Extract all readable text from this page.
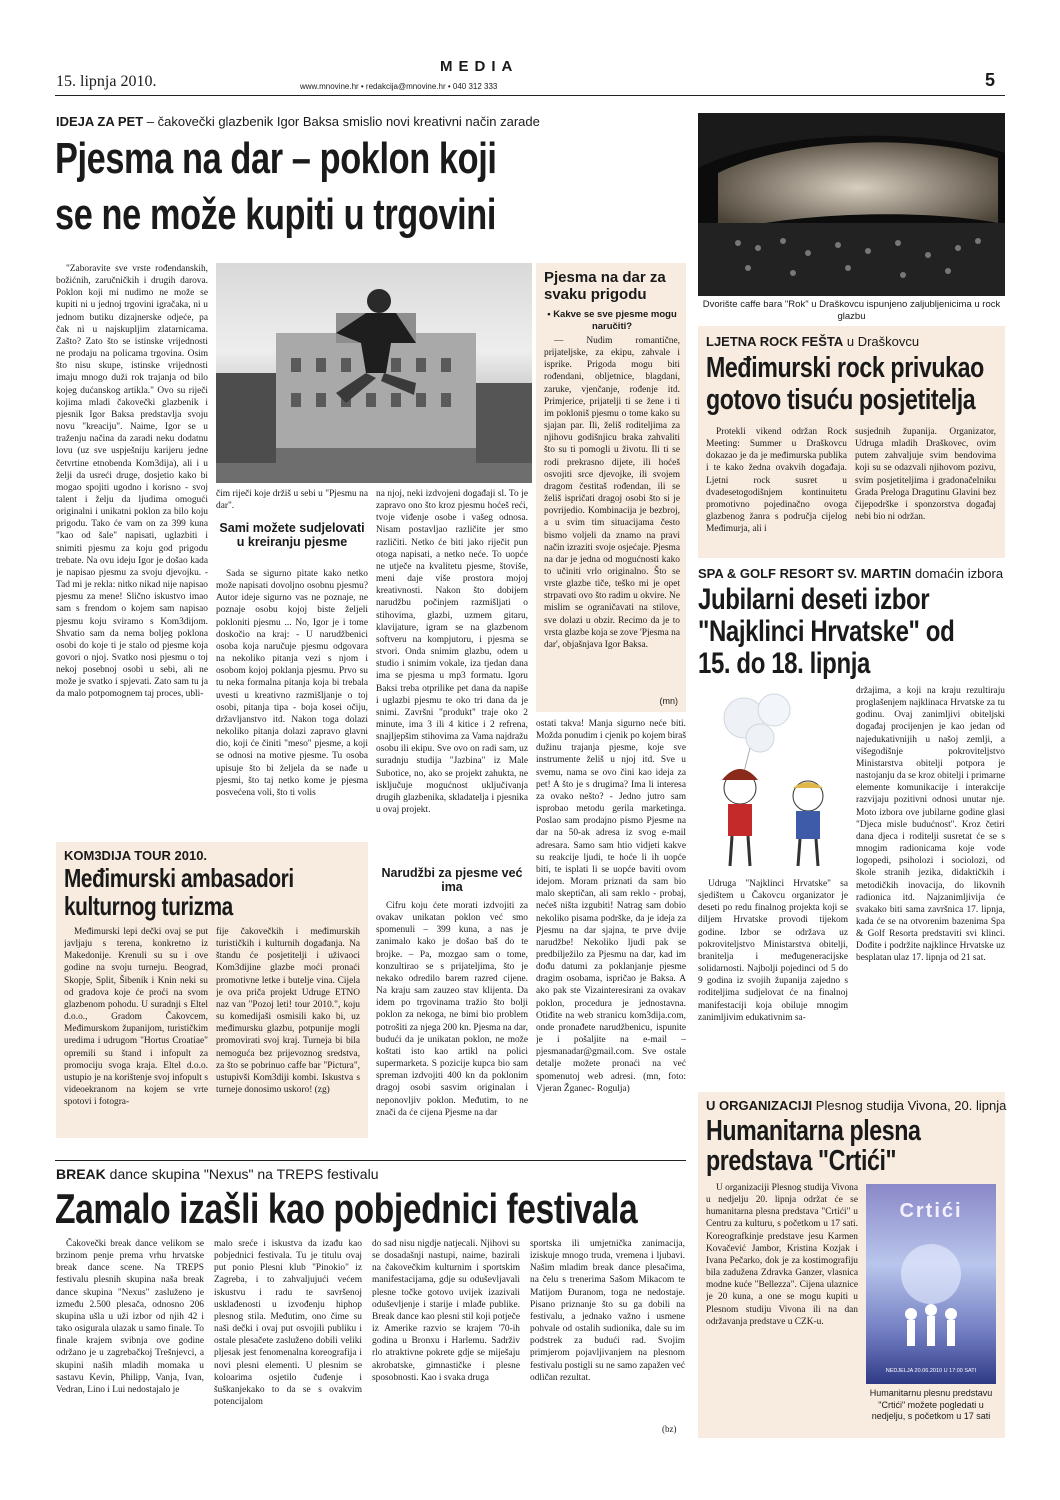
15. lipnja 2010.
MEDIA
www.mnovine.hr • redakcija@mnovine.hr • 040 312 333	5
IDEJA ZA PET – čakovečki glazbenik Igor Baksa smislio novi kreativni način zarade
Pjesma na dar – poklon koji
se ne može kupiti u trgovini

"Zaboravite sve vrste rođendanskih, božićnih, zaručničkih i drugih darova. Poklon koji mi nudimo ne može se kupiti ni u jednoj trgovini igračaka, ni u jednom butiku dizajnerske odjeće, pa čak ni u najskupljim zlatarnicama. Zašto? Zato što se istinske vrijednosti ne prodaju na policama trgovina. Osim što nisu skupe, istinske vrijednosti imaju mnogo duži rok trajanja od bilo kojeg dućanskog artikla." Ovo su riječi kojima mladi čakovečki glazbenik i pjesnik Igor Baksa predstavlja svoju novu "kreaciju". Naime, Igor se u traženju načina da zaradi neku dodatnu lovu (uz sve uspješniju karijeru jedne četvrtine etnobenda Kom3dija), ali i u želji da usreći druge, dosjetio kako bi mogao spojiti ugodno i korisno - svoj talent i želju da ljudima omogući originalni i unikatni poklon za bilo koju prigodu. Tako će vam on za 399 kuna "kao od šale" napisati, uglazbiti i snimiti pjesmu za koju god prigodu trebate. Na ovu ideju Igor je došao kada je napisao pjesmu za svoju djevojku. - Tad mi je rekla: nitko nikad nije napisao pjesmu za mene! Slično iskustvo imao sam s frendom o kojem sam napisao pjesmu koju sviramo s Kom3dijom. Shvatio sam da nema boljeg poklona osobi do koje ti je stalo od pjesme koja govori o njoj. Svatko nosi pjesmu o toj nekoj posebnoj osobi u sebi, ali ne može je svatko i spjevati. Zato sam tu ja da malo potpomognem taj proces, ubli-

čim riječi koje držiš u sebi u "Pjesmu na dar".

Sami možete sudjelovati u kreiranju pjesme

Sada se sigurno pitate kako netko može napisati dovoljno osobnu pjesmu? Autor ideje sigurno vas ne poznaje, ne poznaje osobu kojoj biste željeli pokloniti pjesmu ... No, Igor je i tome doskočio na kraj: - U narudžbenici osoba koja naručuje pjesmu odgovara na nekoliko pitanja vezi s njom i osobom kojoj poklanja pjesmu. Prvo su tu neka formalna pitanja koja bi trebala uvesti u kreativno razmišljanje o toj osobi, pitanja tipa - boja kosei očiju, državljanstvo itd. Nakon toga dolazi nekoliko pitanja dolazi zapravo glavni dio, koji će činiti "meso" pjesme, a koji se odnosi na motive pjesme. Tu osoba upisuje što bi željela da se nađe u pjesmi, što taj netko kome je pjesma posvećena voli, što ti volis

na njoj, neki izdvojeni događaji sl. To je zapravo ono što kroz pjesmu hoćeš reći, tvoje viđenje osobe i vašeg odnosa. Nisam postavljao različite jer smo različiti. Netko će biti jako riječit pun otoga napisati, a netko neće. To uopće ne utječe na kvalitetu pjesme, štoviše, meni daje više prostora mojoj kreativnosti. Nakon što dobijem narudžbu počinjem razmišljati o stihovima, glazbi, uzmem gitaru, klavijature, igram se na glazbenom softveru na kompjutoru, i pjesma se stvori. Onda snimim glazbu, odem u studio i snimim vokale, iza tjedan dana ima se pjesma u mp3 formatu. Igoru Baksi treba otprilike pet dana da napiše i uglazbi pjesmu te oko tri dana da je snimi. Završni "produkt" traje oko 2 minute, ima 3 ili 4 kitice i 2 refrena, snajljepšim stihovima za Vama najdražu osobu ili ekipu. Sve ovo on radi sam, uz suradnju studija "Jazbina" iz Male Subotice, no, ako se projekt zahukta, ne isključuje mogućnost uključivanja drugih glazbenika, skladatelja i pjesnika u ovaj projekt.

Narudžbi za pjesme već ima

Cifru koju ćete morati izdvojiti za ovakav unikatan poklon već smo spomenuli – 399 kuna, a nas je zanimalo kako je došao baš do te brojke. – Pa, mozgao sam o tome, konzultirao se s prijateljima, što je nekako odredilo barem razred cijene. Na kraju sam zauzeo stav klijenta. Da idem po trgovinama tražio što bolji poklon za nekoga, ne bimi bio problem potrošiti za njega 200 kn. Pjesma na dar, budući da je unikatan poklon, ne može koštati isto kao artikl na polici supermarketa. S pozicije kupca bio sam spreman izdvojiti 400 kn da poklonim dragoj osobi sasvim originalan i neponovljiv poklon. Međutim, to ne znači da će cijena Pjesme na dar

Pjesma na dar za svaku prigodu
• Kakve se sve pjesme mogu naručiti?

— Nudim romantične, prijateljske, za ekipu, zahvale i isprike. Prigoda mogu biti rođendani, obljetnice, blagdani, zaruke, vjenčanje, rođenje itd. Primjerice, prijatelji ti se žene i ti im pokloniš pjesmu o tome kako su sjajan par. Ili, želiš roditeljima za njihovu godišnjicu braka zahvaliti što su ti pomogli u životu. Ili ti se rodi prekrasno dijete, ili hoćeš osvojiti srce djevojke, ili svojem dragom čestitaš rođendan, ili se želiš ispričati dragoj osobi što si je povrijedio. Kombinacija je bezbroj, a u svim tim situacijama često bismo voljeli da znamo na pravi način izraziti svoje osjećaje. Pjesma na dar je jedna od mogućnosti kako to učiniti vrlo originalno. Što se vrste glazbe tiče, teško mi je opet strpavati ovo što radim u okvire. Ne mislim se ograničavati na stilove, sve dolazi u obzir. Recimo da je to vrsta glazbe koja se zove 'Pjesma na dar', objašnjava Igor Baksa.

(mn)

ostati takva! Manja sigurno neće biti. Možda ponudim i cjenik po kojem biraš dužinu trajanja pjesme, koje sve instrumente želiš u njoj itd. Sve u svemu, nama se ovo čini kao ideja za pet! A što je s drugima? Ima li interesa za ovako nešto? - Jedno jutro sam isprobao metodu gerila marketinga. Poslao sam prodajno pismo Pjesme na dar na 50-ak adresa iz svog e-mail adresara. Samo sam htio vidjeti kakve su reakcije ljudi, te hoće li ih uopće biti, te isplati li se uopće baviti ovom idejom. Moram priznati da sam bio malo skeptičan, ali sam reklo - probaj, nećeš ništa izgubiti! Natrag sam dobio nekoliko pisama podrške, da je ideja za Pjesmu na dar sjajna, te prve dvije narudžbe! Nekoliko ljudi pak se predbilježilo za Pjesmu na dar, kad im dođu datumi za poklanjanje pjesme dragim osobama, ispričao je Baksa. A ako pak ste Vizainteresirani za ovakav poklon, procedura je jednostavna. Otiđite na web stranicu kom3dija.com, onde pronađete narudžbenicu, ispunite je i pošaljite na e-mail – pjesmanadar@gmail.com. Sve ostale detalje možete pronaći na već spomenutoj web adresi. (mn, foto: Vjeran Žganec- Rogulja)

KOM3DIJA TOUR 2010.
Međimurski ambasadori
kulturnog turizma

Međimurski lepi dečki ovaj se put javljaju s terena, konkretno iz Makedonije. Krenuli su su i ove godine na svoju turneju. Beograd, Skopje, Split, Šibenik i Knin neki su od gradova koje će proći na svom glazbenom pohodu. U suradnji s Eltel d.o.o., Gradom Čakovcem, Međimurskom županijom, turističkim uredima i udrugom "Hortus Croatiae" opremili su štand i infopult za promociju svoga kraja. Eltel d.o.o. ustupio je na korištenje svoj infopult s videoekranom na kojem se vrte spotovi i fotogra-

fije čakovečkih i međimurskih turističkih i kulturnih događanja. Na štandu će posjetitelji i uživaoci Kom3dijine glazbe moći pronaći promotivne letke i butelje vina. Cijela je ova priča projekt Udruge ETNO naz van "Pozoj leti! tour 2010.", koju su komedijaši osmisili kako bi, uz međimursku glazbu, potpunije mogli promovirati svoj kraj. Turneja bi bila nemoguća bez prijevoznog sredstva, za što se pobrinuo caffe bar "Pictura", ustupivši Kom3diji kombi. Iskustva s turneje donosimo uskoro! (zg)

BREAK dance skupina "Nexus" na TREPS festivalu
Zamalo izašli kao pobjednici festivala

Čakovečki break dance velikom se brzinom penje prema vrhu hrvatske break dance scene. Na TREPS festivalu plesnih skupina naša break dance skupina "Nexus" zasluženo je između 2.500 plesača, odnosno 206 skupina ušla u uži izbor od njih 42 i tako osigurala ulazak u samo finale. To finale krajem svibnja ove godine održano je u zagrebačkoj Trešnjevci, a skupini naših mladih momaka u sastavu Kevin, Philipp, Vanja, Ivan, Vedran, Lino i Lui nedostajalo je

malo sreće i iskustva da izađu kao pobjednici festivala. Tu je titulu ovaj put ponio Plesni klub "Pinokio" iz Zagreba, i to zahvaljujući većem iskustvu i radu te savršenoj usklađenosti u izvođenju hiphop plesnog stila. Međutim, ono čime su naši dečki i ovaj put osvojili publiku i ostale plesačete zasluženo dobili veliki pljesak jest fenomenalna koreografija i novi plesni elementi. U plesnim se koloarima osjetilo čuđenje i šuškanjekako to da se s ovakvim potencijalom

do sad nisu nigdje natjecali. Njihovi su se dosadašnji nastupi, naime, bazirali na čakovečkim kulturnim i sportskim manifestacijama, gdje su oduševljavali plesne točke gotovo uvijek izazivali oduševljenje i starije i mlađe publike. Break dance kao plesni stil koji potječe iz Amerike razvio se krajem '70-ih godina u Bronxu i Harlemu. Sadrživ rlo atraktivne pokrete gdje se miješaju akrobatske, gimnastičke i plesne sposobnosti. Kao i svaka druga

sportska ili umjetnička zanimacija, iziskuje mnogo truda, vremena i ljubavi. Našim mladim break dance plesačima, na čelu s trenerima Sašom Mikacom te Matijom Đuranom, toga ne nedostaje. Pisano priznanje što su ga dobili na festivalu, a jednako važno i usmene pohvale od ostalih sudionika, dale su im podstrek za budući rad. Svojim primjerom pojavljivanjem na plesnom festivalu postigli su ne samo zapažen već odličan rezultat.

(bz)
Dvorište caffe bara "Rok" u Draškovcu ispunjeno zaljubljenicima u rock glazbu
LJETNA ROCK FEŠTA u Draškovcu
Međimurski rock privukao
gotovo tisuću posjetitelja

Protekli vikend održan Rock Meeting: Summer u Draškovcu dokazao je da je međimurska publika i te kako žedna ovakvih događaja. Ljetni rock susret u dvadesetogodišnjem kontinuitetu promotivno pojedinačno ovoga glazbenog žanra s područja cijelog Međimurja, ali i

susjednih županija. Organizator, Udruga mladih Draškovec, ovim putem zahvaljuje svim bendovima koji su se odazvali njihovom pozivu, svim posjetiteljima i gradonačelniku Grada Preloga Dragutinu Glavini bez čijepodrške i sponzorstva događaj nebi bio ni održan.

SPA & GOLF RESORT SV. MARTIN domaćin izbora
Jubilarni deseti izbor
"Najklinci Hrvatske" od
15. do 18. lipnja

Udruga "Najklinci Hrvatske" sa sjedištem u Čakovcu organizator je deseti po redu finalnog projekta koji se diljem Hrvatske provodi tijekom godine. Izbor se održava uz pokroviteljstvo Ministarstva obitelji, branitelja i međugeneracijske solidarnosti. Najbolji pojedinci od 5 do 9 godina iz svojih županija zajedno s roditeljima sudjelovat će na finalnoj manifestaciji koja obiluje mnogim zanimljivim edukativnim sa-

držajima, a koji na kraju rezultiraju proglašenjem najklinaca Hrvatske za tu godinu. Ovaj zanimljivi obiteljski događaj procijenjen je kao jedan od najedukativnijih u našoj zemlji, a višegodišnje pokroviteljstvo Ministarstva obitelji potpora je nastojanju da se kroz obitelji i primarne elemente komunikacije i interakcije razvijaju pozitivni odnosi unutar nje. Moto izbora ove jubilarne godine glasi "Djeca misle budućnost". Kroz četiri dana djeca i roditelji susretat će se s mnogim radionicama koje vode logopedi, psiholozi i sociolozi, od škole stranih jezika, didaktičkih i metodičkih inovacija, do likovnih radionica itd. Najzanimljivija će svakako biti sama završnica 17. lipnja, kada će se na otvorenim bazenima Spa & Golf Resorta predstaviti svi klinci. Dođite i podržite najklince Hrvatske uz besplatan ulaz 17. lipnja od 21 sat.

U ORGANIZACIJI Plesnog studija Vivona, 20. lipnja
Humanitarna plesna
predstava "Crtići"

U organizaciji Plesnog studija Vivona u nedjelju 20. lipnja održat će se humanitarna plesna predstava "Crtići" u Centru za kulturu, s početkom u 17 sati. Koreografkinje predstave jesu Karmen Kovačević Jambor, Kristina Kozjak i Ivana Pečarko, dok je za kostimografiju bila zadužena Zdravka Ganzer, vlasnica modne kuće "Bellezza". Cijena ulaznice je 20 kuna, a one se mogu kupiti u Plesnom studiju Vivona ili na dan održavanja predstave u CZK-u.

Crtići
NEDJELJA 20.06.2010 U 17:00 SATI
Humanitarnu plesnu predstavu "Crtići" možete pogledati u nedjelju, s početkom u 17 sati
